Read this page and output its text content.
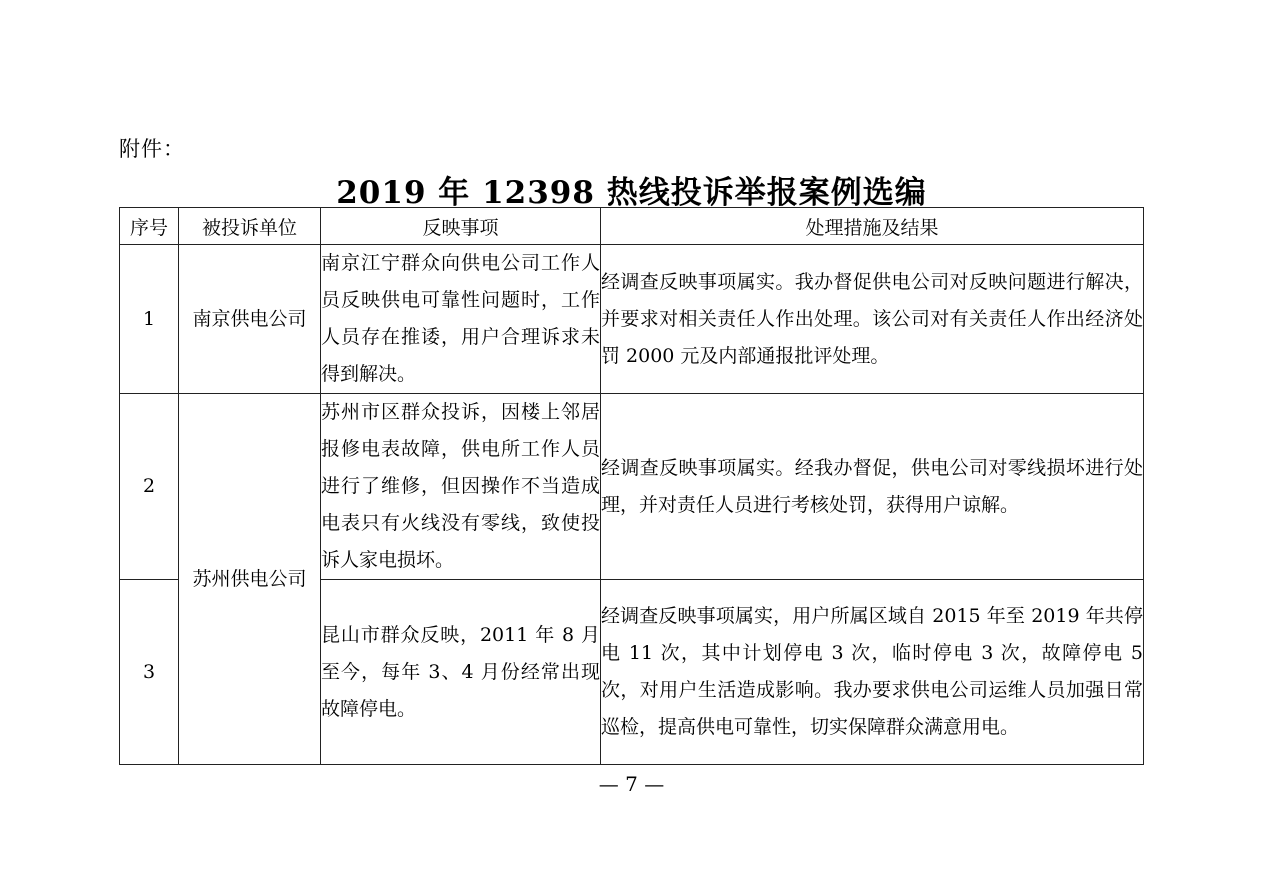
附件：
2019 年 12398 热线投诉举报案例选编
序号	被投诉单位	反映事项	处理措施及结果
1	南京供电公司	南京江宁群众向供电公司工作人员反映供电可靠性问题时，工作人员存在推诿，用户合理诉求未得到解决。	经调查反映事项属实。我办督促供电公司对反映问题进行解决，并要求对相关责任人作出处理。该公司对有关责任人作出经济处罚 2000 元及内部通报批评处理。
2	苏州供电公司	苏州市区群众投诉，因楼上邻居报修电表故障，供电所工作人员进行了维修，但因操作不当造成电表只有火线没有零线，致使投诉人家电损坏。	经调查反映事项属实。经我办督促，供电公司对零线损坏进行处理，并对责任人员进行考核处罚，获得用户谅解。
3		昆山市群众反映，2011 年 8 月至今，每年 3、4 月份经常出现故障停电。	经调查反映事项属实，用户所属区域自 2015 年至 2019 年共停电 11 次，其中计划停电 3 次，临时停电 3 次，故障停电 5 次，对用户生活造成影响。我办要求供电公司运维人员加强日常巡检，提高供电可靠性，切实保障群众满意用电。
— 7 —
